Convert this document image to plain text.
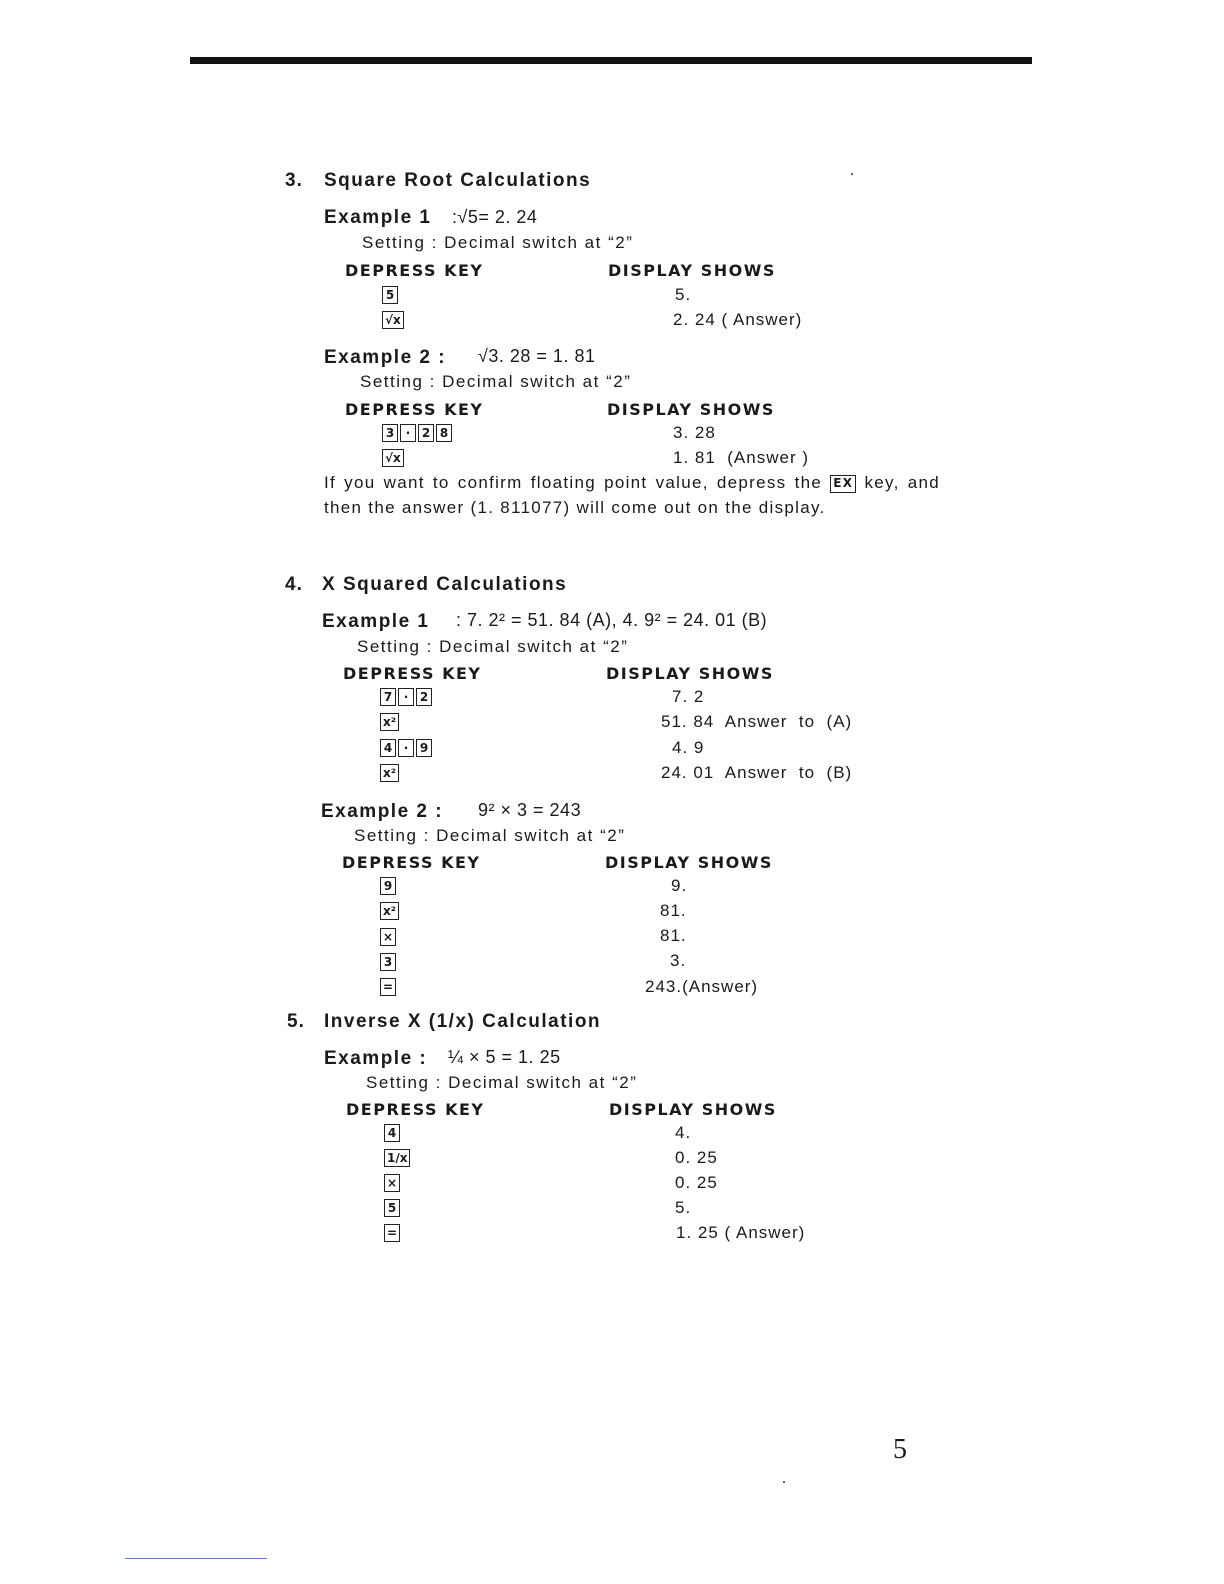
3. Square Root Calculations
Example 1 :√5= 2. 24
Setting : Decimal switch at “2”
DEPRESS KEY	DISPLAY SHOWS
5	5.
√x	2. 24 ( Answer)
Example 2 : √3. 28 = 1. 81
Setting : Decimal switch at “2”
DEPRESS KEY	DISPLAY SHOWS
3 · 2 8	3. 28
√x	1. 81  (Answer )
If you want to confirm floating point value, depress the EX key, and then the answer (1. 811077) will come out on the display.
4. X Squared Calculations
Example 1 : 7. 2² = 51. 84 (A), 4. 9² = 24. 01 (B)
Setting : Decimal switch at “2”
DEPRESS KEY	DISPLAY SHOWS
7 · 2	7. 2
x²	51. 84  Answer  to  (A)
4 · 9	4. 9
x²	24. 01  Answer  to  (B)
Example 2 : 9² × 3 = 243
Setting : Decimal switch at “2”
DEPRESS KEY	DISPLAY SHOWS
9	9.
x²	81.
×	81.
3	3.
=	243.(Answer)
5. Inverse X (1/x) Calculation
Example : ¼ × 5 = 1. 25
Setting : Decimal switch at “2”
DEPRESS KEY	DISPLAY SHOWS
4	4.
1/x	0. 25
×	0. 25
5	5.
=	1. 25 ( Answer)
5
